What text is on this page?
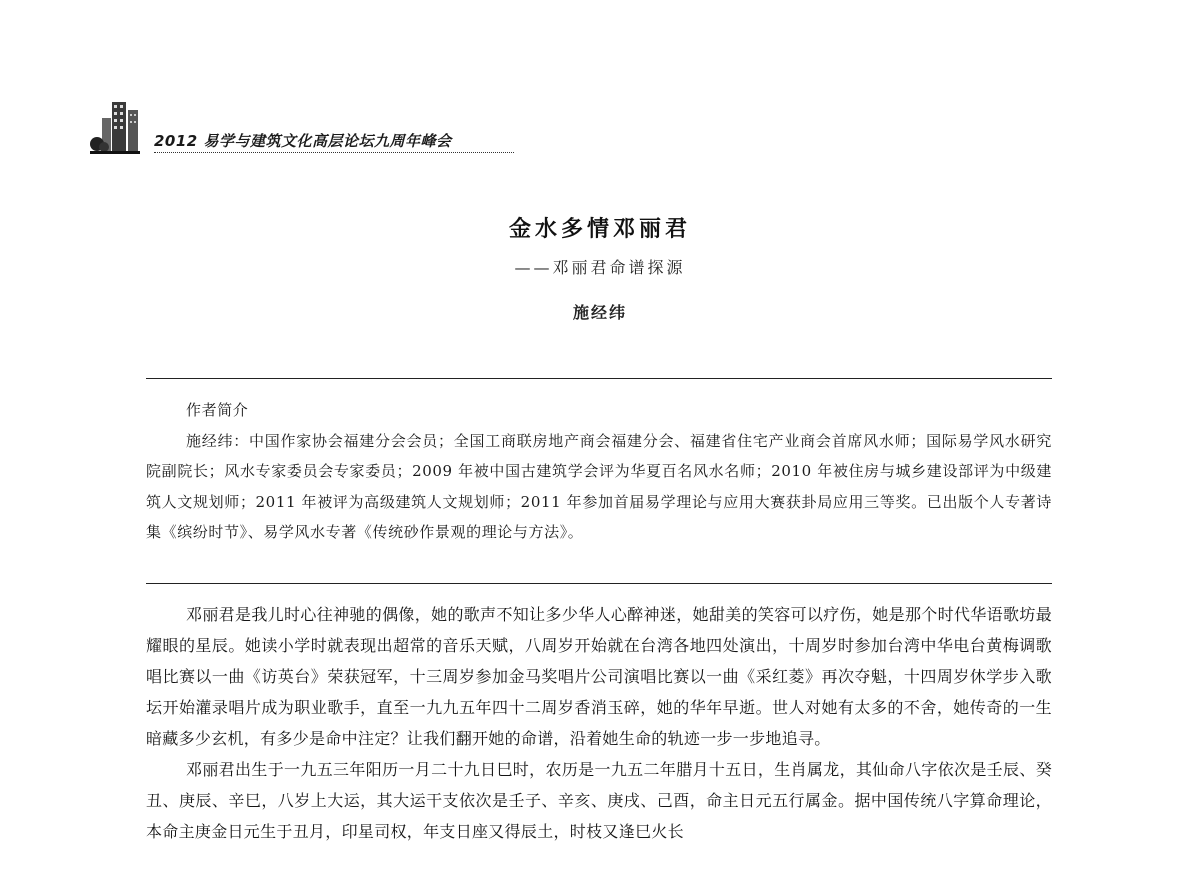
2012 易学与建筑文化高层论坛九周年峰会
金水多情邓丽君
——邓丽君命谱探源
施经纬
作者简介
施经纬：中国作家协会福建分会会员；全国工商联房地产商会福建分会、福建省住宅产业商会首席风水师；国际易学风水研究院副院长；风水专家委员会专家委员；2009 年被中国古建筑学会评为华夏百名风水名师；2010 年被住房与城乡建设部评为中级建筑人文规划师；2011 年被评为高级建筑人文规划师；2011 年参加首届易学理论与应用大赛获卦局应用三等奖。已出版个人专著诗集《缤纷时节》、易学风水专著《传统砂作景观的理论与方法》。

邓丽君是我儿时心往神驰的偶像，她的歌声不知让多少华人心醉神迷，她甜美的笑容可以疗伤，她是那个时代华语歌坊最耀眼的星辰。她读小学时就表现出超常的音乐天赋，八周岁开始就在台湾各地四处演出，十周岁时参加台湾中华电台黄梅调歌唱比赛以一曲《访英台》荣获冠军，十三周岁参加金马奖唱片公司演唱比赛以一曲《采红菱》再次夺魁，十四周岁休学步入歌坛开始灌录唱片成为职业歌手，直至一九九五年四十二周岁香消玉碎，她的华年早逝。世人对她有太多的不舍，她传奇的一生暗藏多少玄机，有多少是命中注定？让我们翻开她的命谱，沿着她生命的轨迹一步一步地追寻。

邓丽君出生于一九五三年阳历一月二十九日巳时，农历是一九五二年腊月十五日，生肖属龙，其仙命八字依次是壬辰、癸丑、庚辰、辛巳，八岁上大运，其大运干支依次是壬子、辛亥、庚戌、己酉，命主日元五行属金。据中国传统八字算命理论，本命主庚金日元生于丑月，印星司权，年支日座又得辰土，时枝又逢巳火长
